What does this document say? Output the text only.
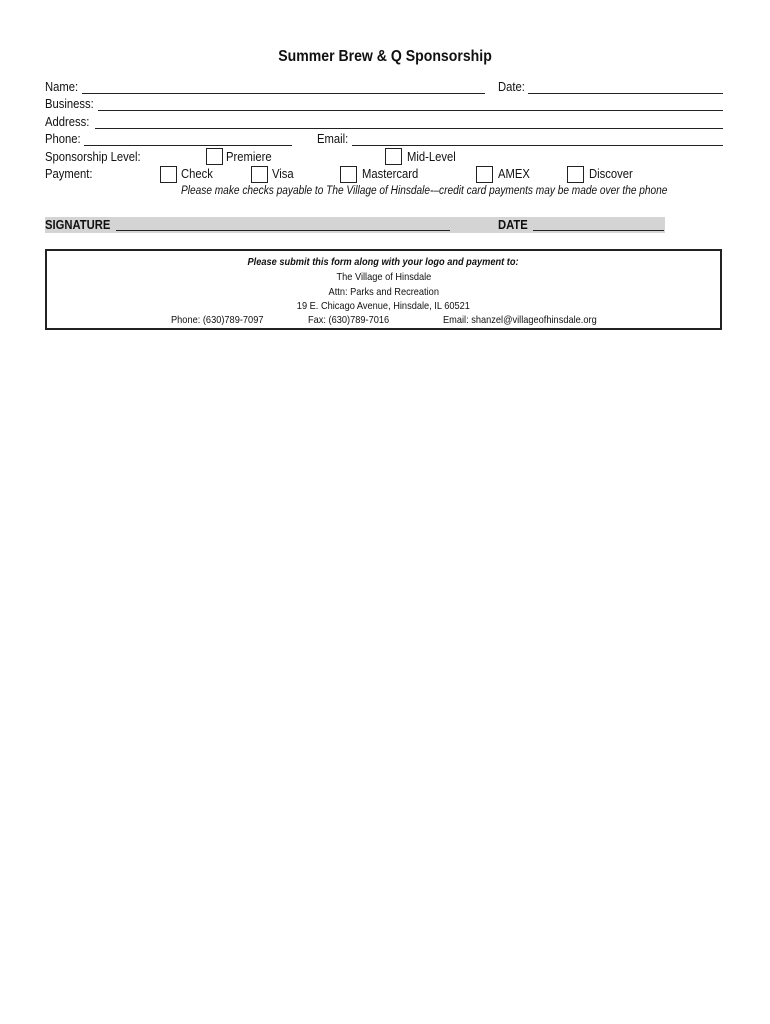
Summer Brew & Q Sponsorship
Name:	Date:
Business:
Address:
Phone:	Email:
Sponsorship Level:	Premiere	Mid-Level
Payment:	Check	Visa	Mastercard	AMEX	Discover
Please make checks payable to The Village of Hinsdale-–credit card payments may be made over the phone
SIGNATURE	DATE
Please submit this form along with your logo and payment to:
The Village of Hinsdale
Attn: Parks and Recreation
19 E. Chicago Avenue, Hinsdale, IL 60521
Phone: (630)789-7097	Fax: (630)789-7016	Email: shanzel@villageofhinsdale.org
